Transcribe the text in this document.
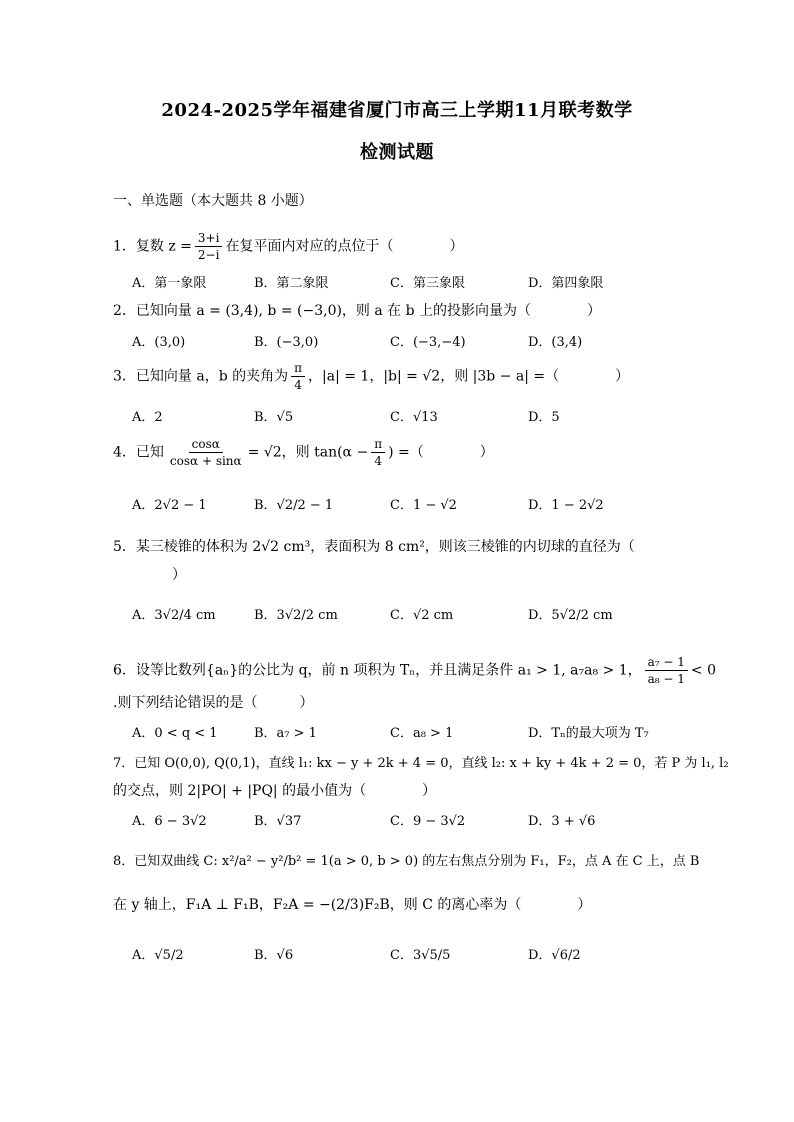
2024-2025学年福建省厦门市高三上学期11月联考数学
检测试题
一、单选题（本大题共 8 小题）
1．复数 $z = \frac{3+i}{2-i}$ 在复平面内对应的点位于（　　　　）
A．第一象限	B．第二象限	C．第三象限	D．第四象限
2．已知向量 a = (3,4), b = (−3,0)，则 a 在 b 上的投影向量为（　　　　）
A．(3,0)	B．(−3,0)	C．(−3,−4)	D．(3,4)
3．已知向量 a，b 的夹角为 $\frac{\pi}{4}$ ，|a| = 1，|b| = √2，则 |3b − a| =（　　　　）
A．2	B．√5	C．√13	D．5
4．已知 $\frac{\cos\alpha}{\cos\alpha + \sin\alpha} = √2$，则 $\tan(\alpha - \frac{\pi}{4}$ ) =（　　　　）
A．2√2 − 1	B．√2/2 − 1	C．1 − √2	D．1 − 2√2
5．某三棱锥的体积为 2√2 cm³，表面积为 8 cm²，则该三棱锥的内切球的直径为（
）
A．3√2/4 cm	B．3√2/2 cm	C．√2 cm	D．5√2/2 cm
6．设等比数列{aₙ}的公比为 q，前 n 项积为 Tₙ，并且满足条件 a₁ > 1, a₇a₈ > 1， $\frac{\text{a₇ − 1}}{\text{a₈ − 1}} < 0$
.则下列结论错误的是（　　　）
A．0 < q < 1	B．a₇ > 1	C．a₈ > 1	D．Tₙ的最大项为 T₇
7．已知 O(0,0), Q(0,1)，直线 l₁: kx − y + 2k + 4 = 0，直线 l₂: x + ky + 4k + 2 = 0，若 P 为 l₁, l₂
的交点，则 2|PO| + |PQ| 的最小值为（　　　　）
A．6 − 3√2	B．√37	C．9 − 3√2	D．3 + √6
8．已知双曲线 C: x²/a² − y²/b² = 1(a > 0, b > 0) 的左右焦点分别为 F₁，F₂，点 A 在 C 上，点 B
在 y 轴上，F₁A ⊥ F₁B，F₂A = −(2/3)F₂B，则 C 的离心率为（　　　　）
A．√5/2	B．√6	C．3√5/5	D．√6/2
